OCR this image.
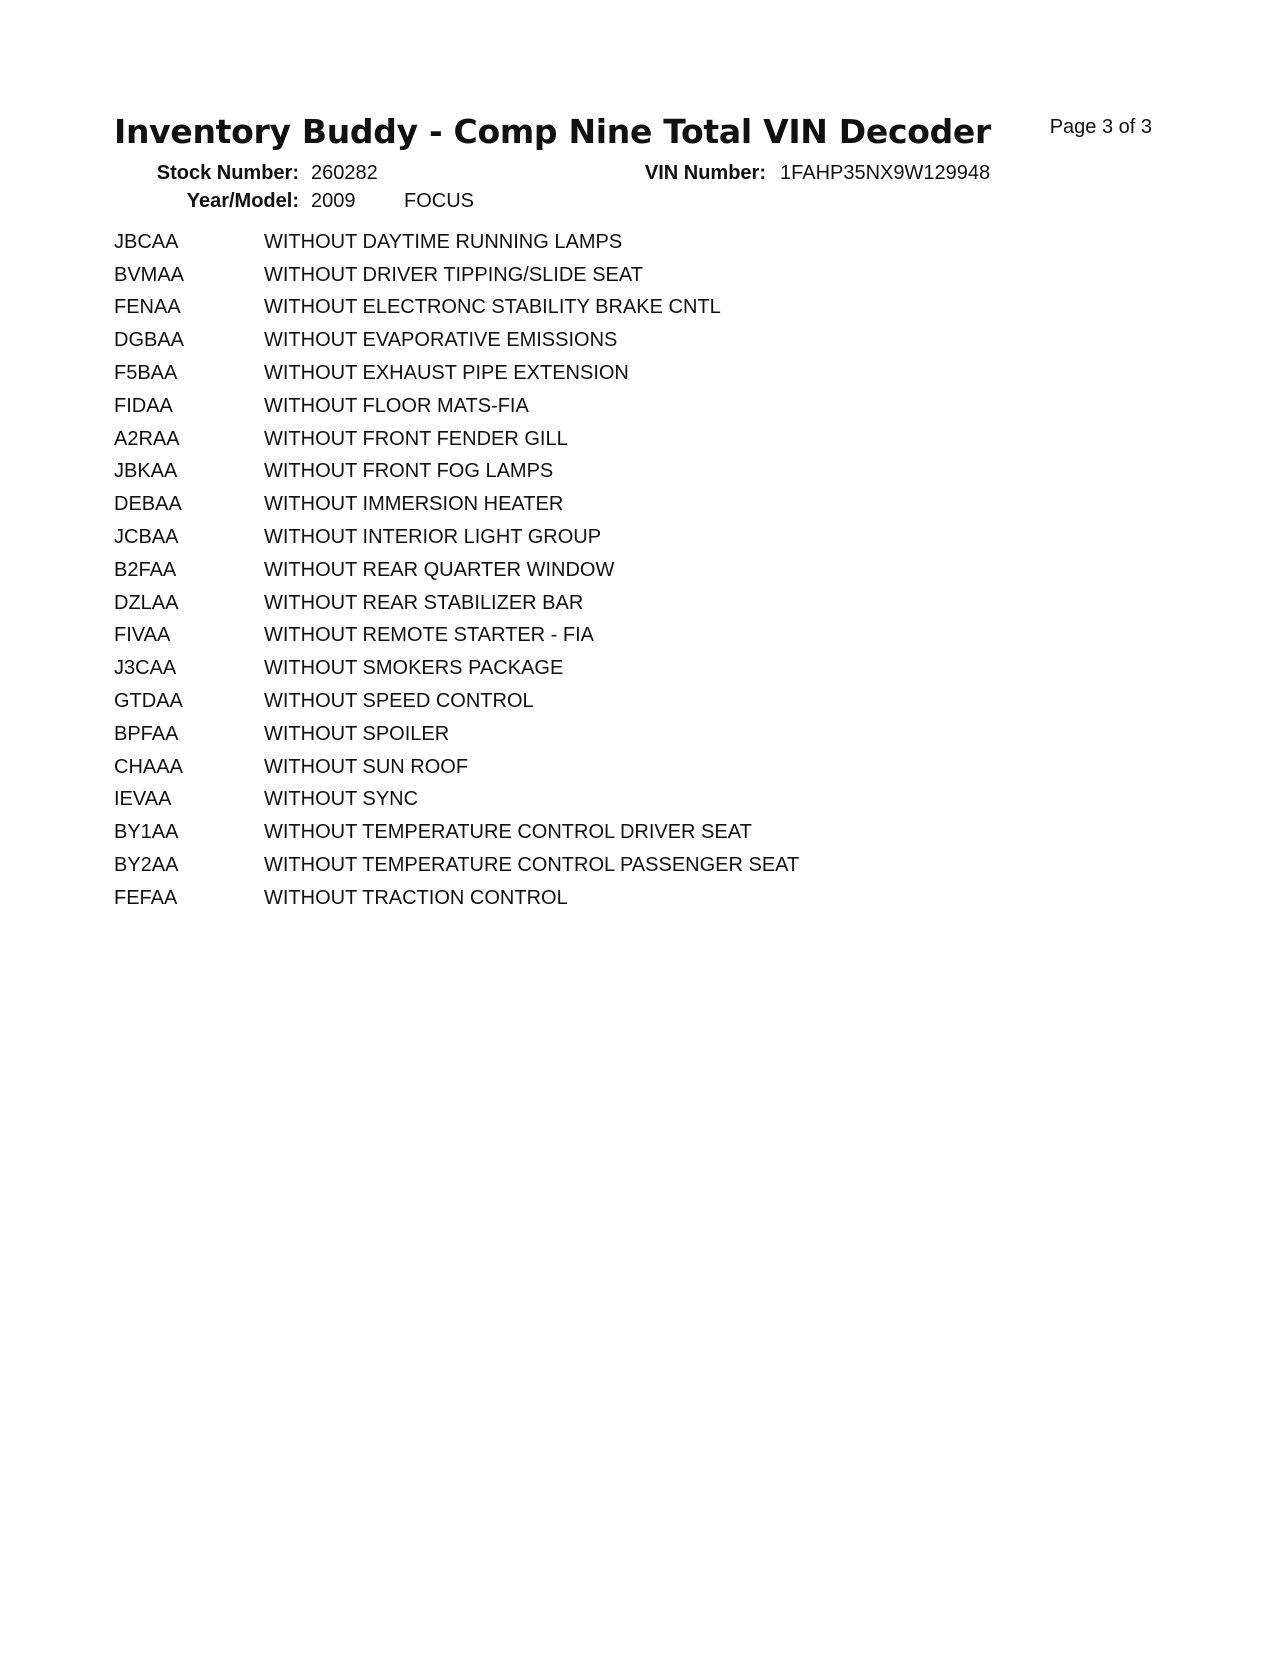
Inventory Buddy - Comp Nine Total VIN Decoder	Page 3 of 3
Stock Number: 260282
Year/Model: 2009 FOCUS
VIN Number: 1FAHP35NX9W129948
JBCAA	WITHOUT DAYTIME RUNNING LAMPS
BVMAA	WITHOUT DRIVER TIPPING/SLIDE SEAT
FENAA	WITHOUT ELECTRONC STABILITY BRAKE CNTL
DGBAA	WITHOUT EVAPORATIVE EMISSIONS
F5BAA	WITHOUT EXHAUST PIPE EXTENSION
FIDAA	WITHOUT FLOOR MATS-FIA
A2RAA	WITHOUT FRONT FENDER GILL
JBKAA	WITHOUT FRONT FOG LAMPS
DEBAA	WITHOUT IMMERSION HEATER
JCBAA	WITHOUT INTERIOR LIGHT GROUP
B2FAA	WITHOUT REAR QUARTER WINDOW
DZLAA	WITHOUT REAR STABILIZER BAR
FIVAA	WITHOUT REMOTE STARTER - FIA
J3CAA	WITHOUT SMOKERS PACKAGE
GTDAA	WITHOUT SPEED CONTROL
BPFAA	WITHOUT SPOILER
CHAAA	WITHOUT SUN ROOF
IEVAA	WITHOUT SYNC
BY1AA	WITHOUT TEMPERATURE CONTROL DRIVER SEAT
BY2AA	WITHOUT TEMPERATURE CONTROL PASSENGER SEAT
FEFAA	WITHOUT TRACTION CONTROL
